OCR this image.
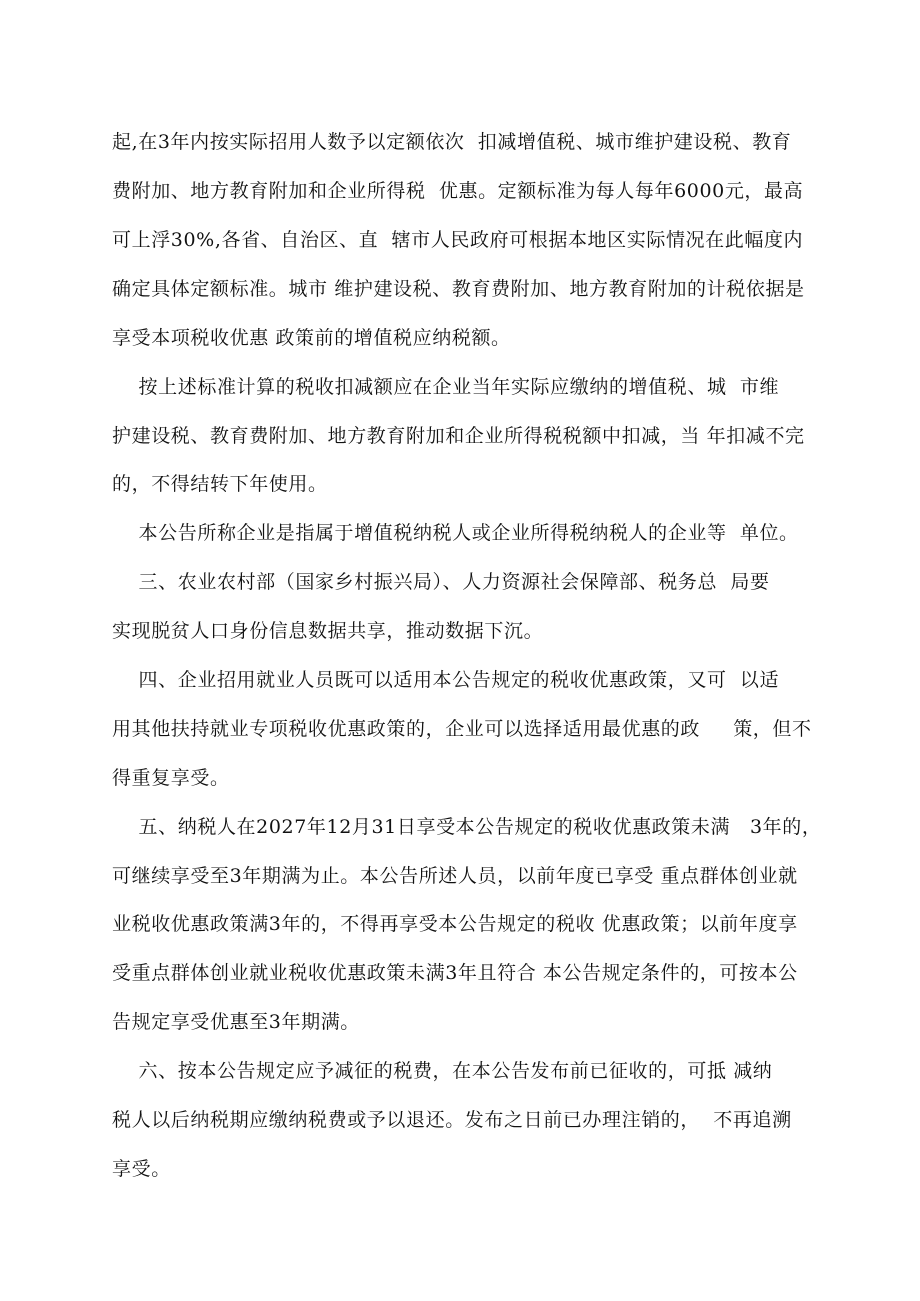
起,在3年内按实际招用人数予以定额依次  扣减增值税、城市维护建设税、教育
费附加、地方教育附加和企业所得税  优惠。定额标准为每人每年6000元，最高
可上浮30%,各省、自治区、直  辖市人民政府可根据本地区实际情况在此幅度内
确定具体定额标准。城市 维护建设税、教育费附加、地方教育附加的计税依据是
享受本项税收优惠 政策前的增值税应纳税额。
按上述标准计算的税收扣减额应在企业当年实际应缴纳的增值税、城  市维
护建设税、教育费附加、地方教育附加和企业所得税税额中扣减，当 年扣减不完
的，不得结转下年使用。
本公告所称企业是指属于增值税纳税人或企业所得税纳税人的企业等  单位。
三、农业农村部（国家乡村振兴局）、人力资源社会保障部、税务总  局要
实现脱贫人口身份信息数据共享，推动数据下沉。
四、企业招用就业人员既可以适用本公告规定的税收优惠政策，又可  以适
用其他扶持就业专项税收优惠政策的，企业可以选择适用最优惠的政     策，但不
得重复享受。
五、纳税人在2027年12月31日享受本公告规定的税收优惠政策未满   3年的，
可继续享受至3年期满为止。本公告所述人员，以前年度已享受 重点群体创业就
业税收优惠政策满3年的，不得再享受本公告规定的税收 优惠政策；以前年度享
受重点群体创业就业税收优惠政策未满3年且符合 本公告规定条件的，可按本公
告规定享受优惠至3年期满。
六、按本公告规定应予减征的税费，在本公告发布前已征收的，可抵 减纳
税人以后纳税期应缴纳税费或予以退还。发布之日前已办理注销的，  不再追溯
享受。
